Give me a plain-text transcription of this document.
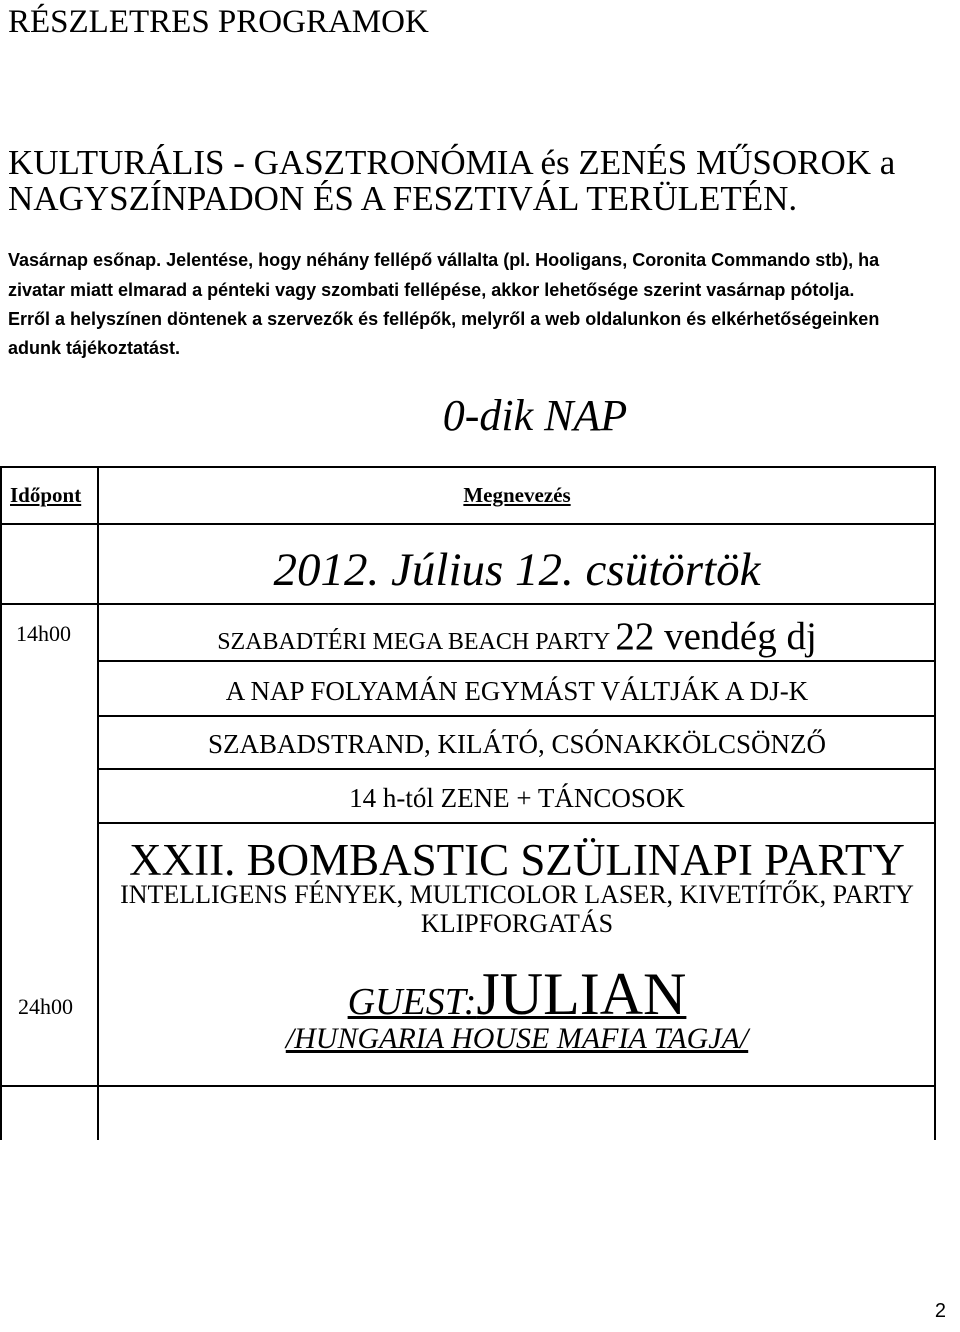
RÉSZLETRES PROGRAMOK
KULTURÁLIS - GASZTRONÓMIA és ZENÉS MŰSOROK a
NAGYSZÍNPADON ÉS A FESZTIVÁL TERÜLETÉN.
Vasárnap esőnap. Jelentése, hogy néhány fellépő vállalta (pl. Hooligans, Coronita Commando stb), ha
zivatar miatt elmarad a pénteki vagy szombati fellépése, akkor lehetősége szerint vasárnap pótolja.
Erről a helyszínen döntenek a szervezők és fellépők, melyről a web oldalunkon és elkérhetőségeinken
adunk tájékoztatást.
0-dik NAP
Időpont	Megnevezés
2012. Július 12. csütörtök
14h00	SZABADTÉRI MEGA BEACH PARTY 22 vendég dj
A NAP FOLYAMÁN EGYMÁST VÁLTJÁK A DJ-K
SZABADSTRAND, KILÁTÓ, CSÓNAKKÖLCSÖNZŐ
14 h-tól ZENE + TÁNCOSOK
XXII. BOMBASTIC SZÜLINAPI PARTY
INTELLIGENS FÉNYEK, MULTICOLOR LASER, KIVETÍTŐK, PARTY
KLIPFORGATÁS
24h00	GUEST:JULIAN
/HUNGARIA HOUSE MAFIA TAGJA/
2
